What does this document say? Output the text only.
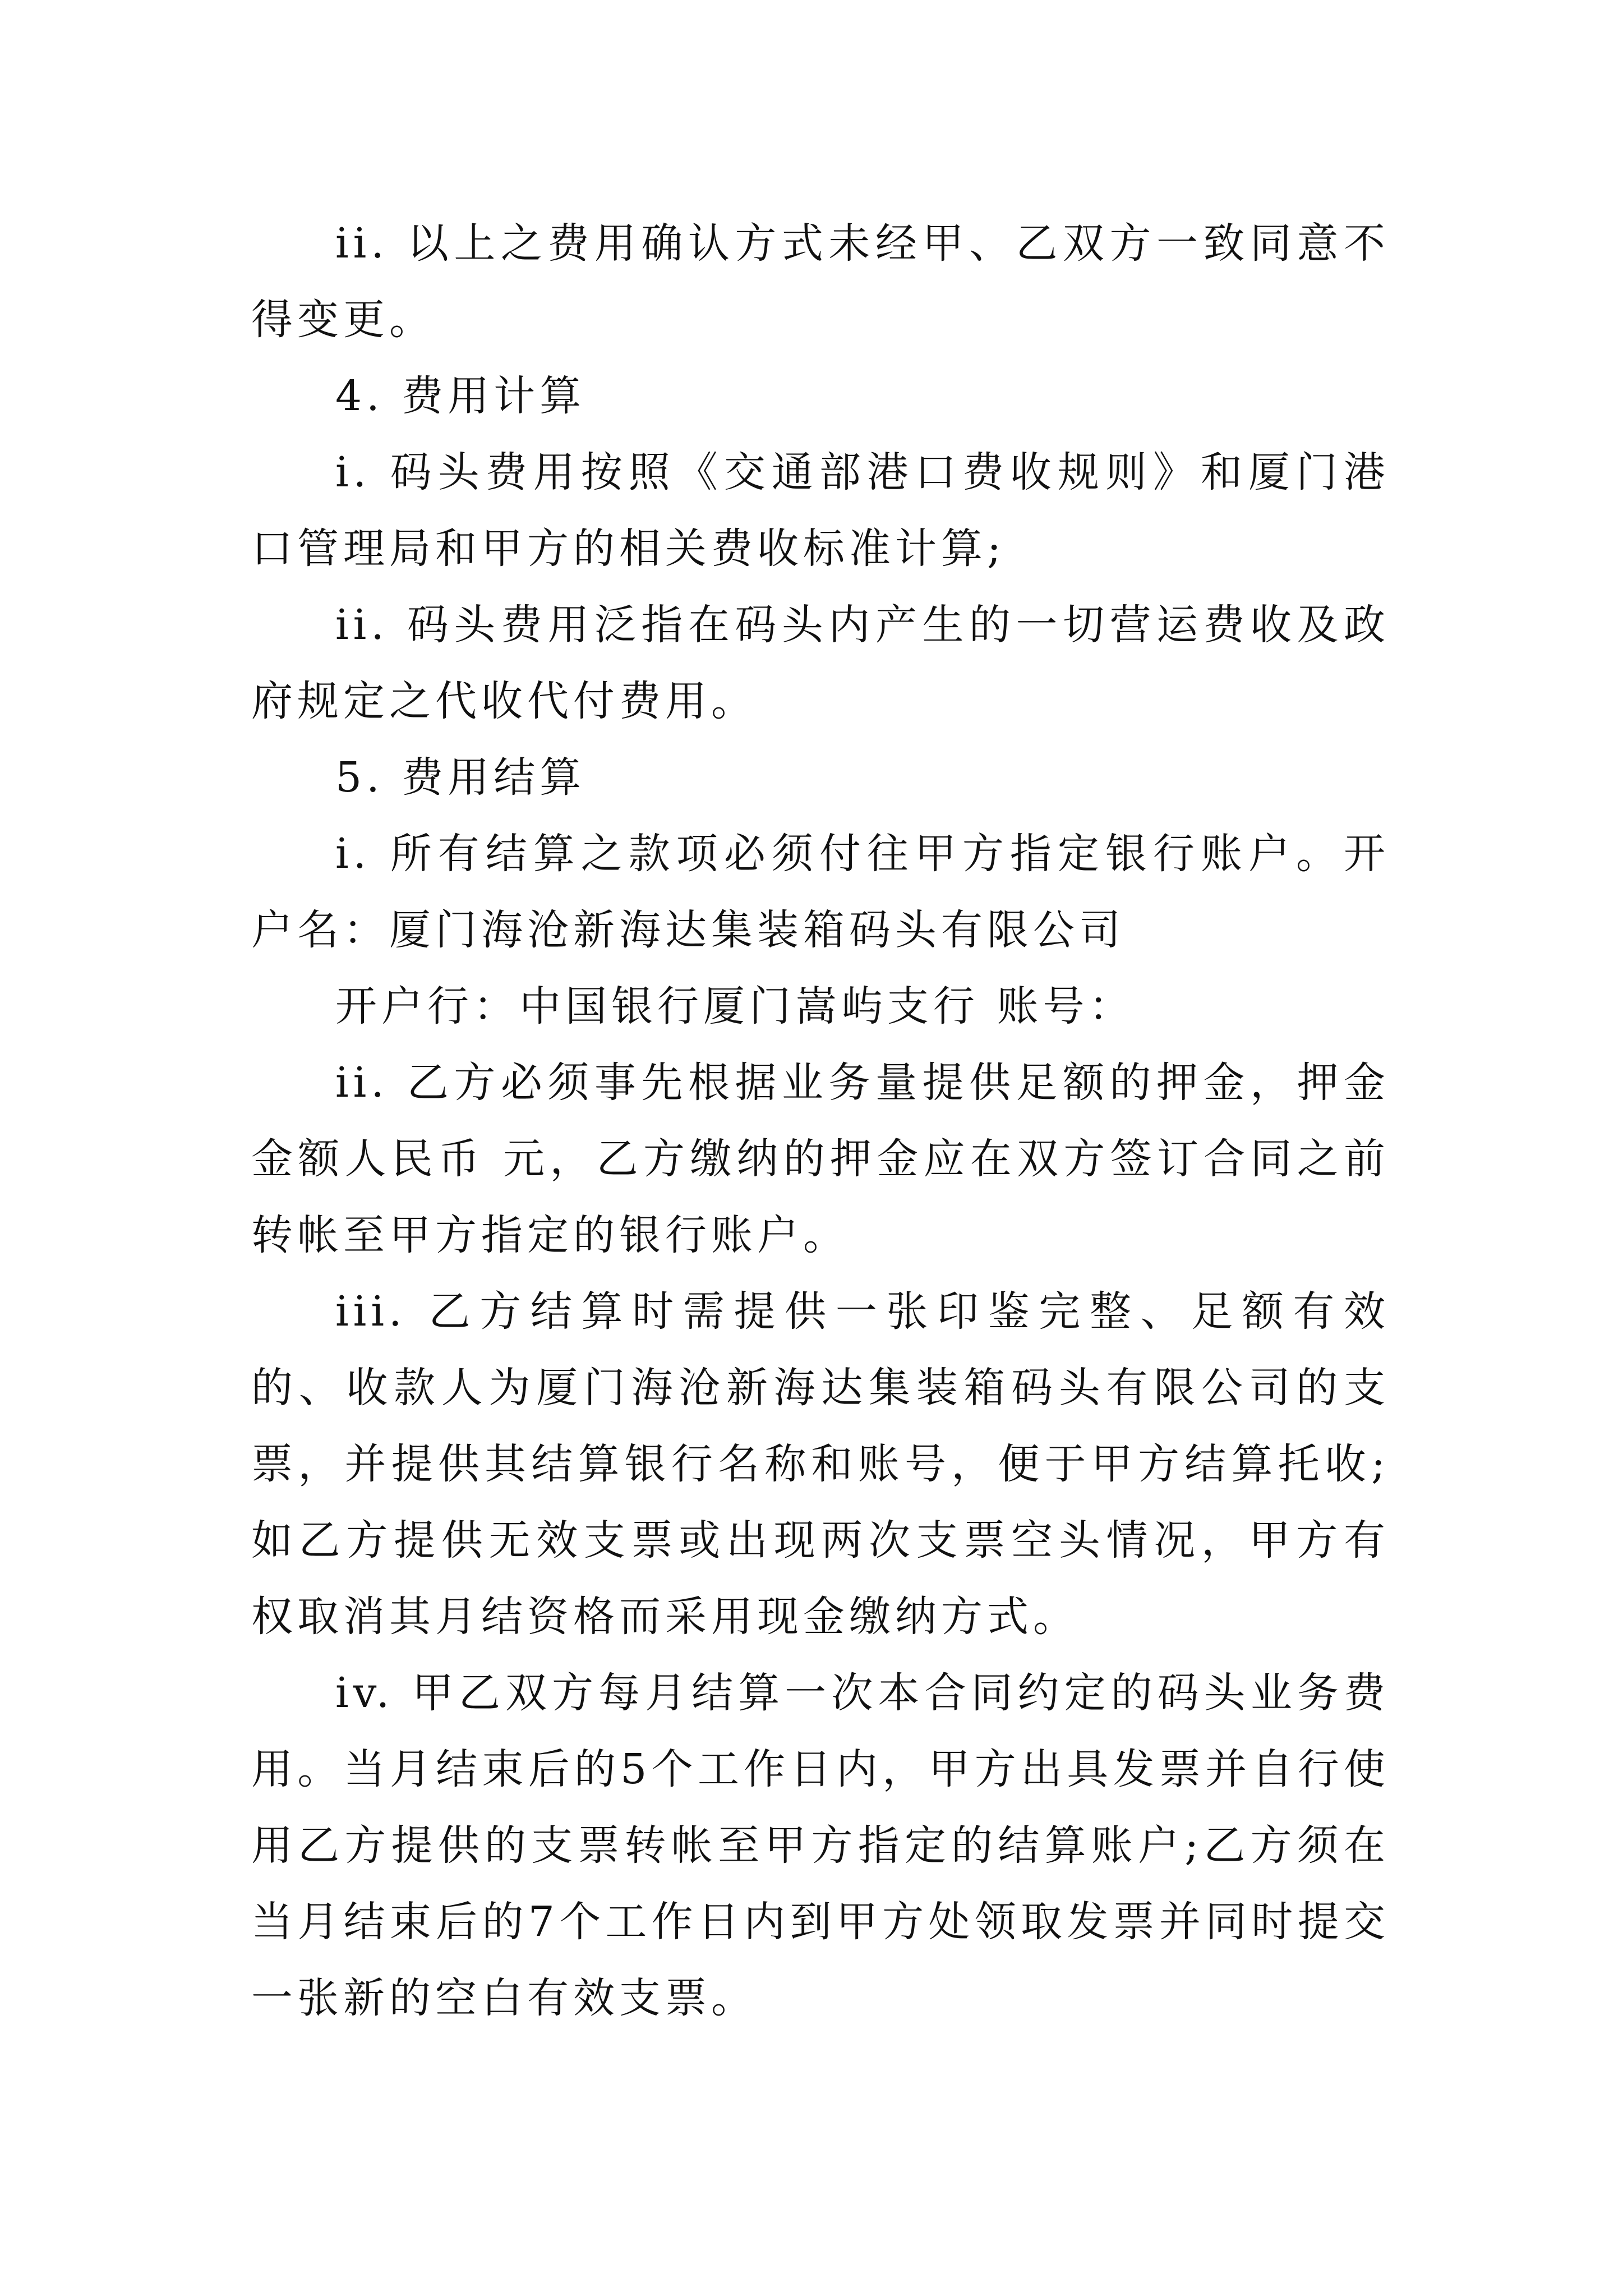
ii. 以上之费用确认方式未经甲、乙双方一致同意不得变更。

4. 费用计算

i. 码头费用按照《交通部港口费收规则》和厦门港口管理局和甲方的相关费收标准计算;

ii. 码头费用泛指在码头内产生的一切营运费收及政府规定之代收代付费用。

5. 费用结算

i. 所有结算之款项必须付往甲方指定银行账户。开户名：厦门海沧新海达集装箱码头有限公司

开户行：中国银行厦门嵩屿支行 账号：

ii. 乙方必须事先根据业务量提供足额的押金，押金金额人民币 元，乙方缴纳的押金应在双方签订合同之前转帐至甲方指定的银行账户。

iii. 乙方结算时需提供一张印鉴完整、足额有效的、收款人为厦门海沧新海达集装箱码头有限公司的支票，并提供其结算银行名称和账号，便于甲方结算托收;如乙方提供无效支票或出现两次支票空头情况，甲方有权取消其月结资格而采用现金缴纳方式。

iv. 甲乙双方每月结算一次本合同约定的码头业务费用。当月结束后的5个工作日内，甲方出具发票并自行使用乙方提供的支票转帐至甲方指定的结算账户;乙方须在当月结束后的7个工作日内到甲方处领取发票并同时提交一张新的空白有效支票。
